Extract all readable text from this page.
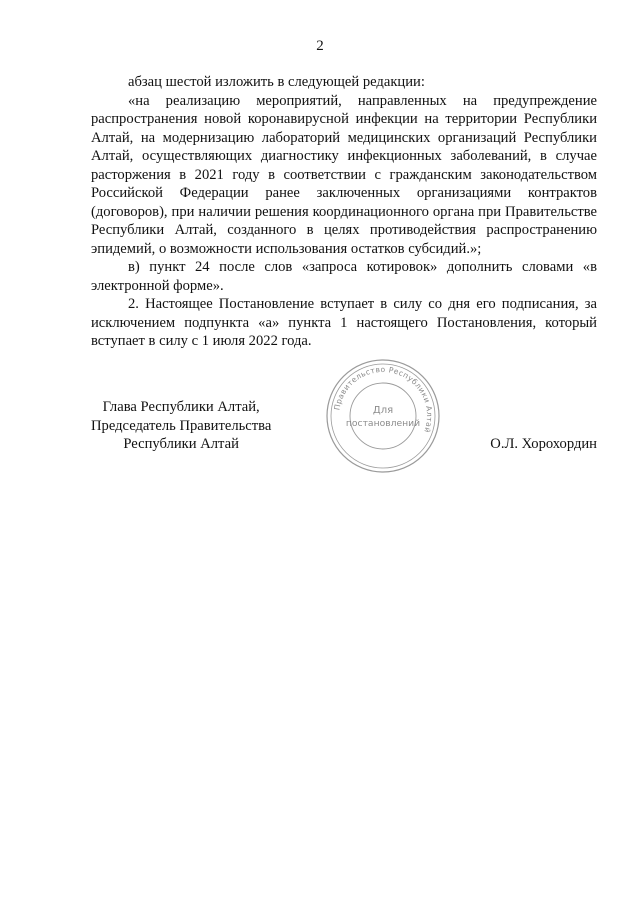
2

абзац шестой изложить в следующей редакции:

«на реализацию мероприятий, направленных на предупреждение распространения новой коронавирусной инфекции на территории Республики Алтай, на модернизацию лабораторий медицинских организаций Республики Алтай, осуществляющих диагностику инфекционных заболеваний, в случае расторжения в 2021 году в соответствии с гражданским законодательством Российской Федерации ранее заключенных организациями контрактов (договоров), при наличии решения координационного органа при Правительстве Республики Алтай, созданного в целях противодействия распространению эпидемий, о возможности использования остатков субсидий.»;

в) пункт 24 после слов «запроса котировок» дополнить словами «в электронной форме».

2. Настоящее Постановление вступает в силу со дня его подписания, за исключением подпункта «а» пункта 1 настоящего Постановления, который вступает в силу с 1 июля 2022 года.

Глава Республики Алтай,
Председатель Правительства
Республики Алтай	О.Л. Хорохордин
Правительство Республики Алтай
Для
постановлений
